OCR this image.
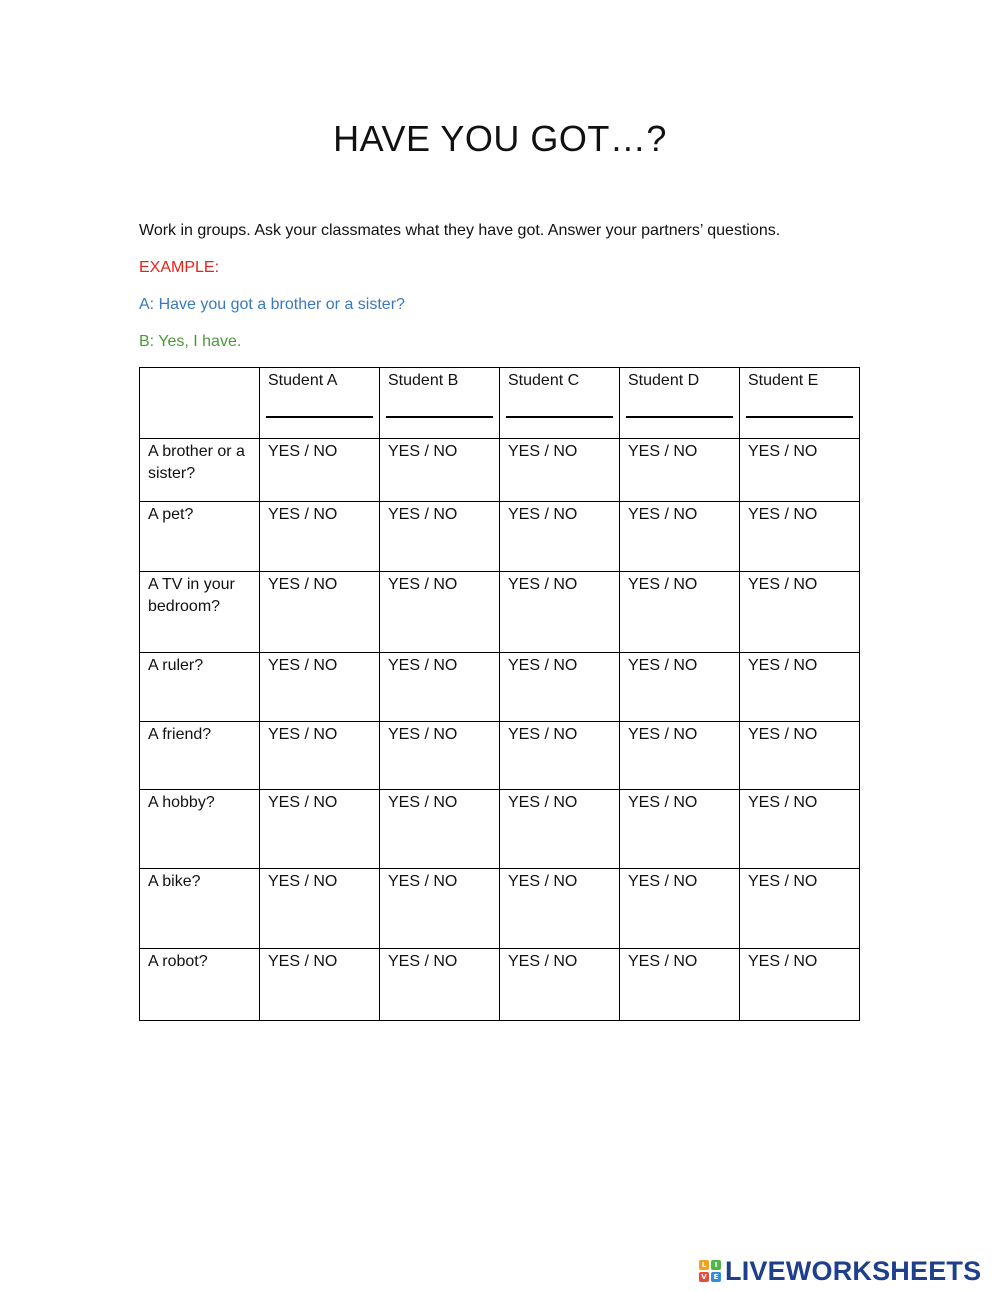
HAVE YOU GOT…?
Work in groups. Ask your classmates what they have got. Answer your partners’ questions.
EXAMPLE:
A: Have you got a brother or a sister?
B: Yes, I have.
	Student A	Student B	Student C	Student D	Student E

A brother or a sister?	YES / NO	YES / NO	YES / NO	YES / NO	YES / NO
A pet?	YES / NO	YES / NO	YES / NO	YES / NO	YES / NO
A TV in your bedroom?	YES / NO	YES / NO	YES / NO	YES / NO	YES / NO
A ruler?	YES / NO	YES / NO	YES / NO	YES / NO	YES / NO
A friend?	YES / NO	YES / NO	YES / NO	YES / NO	YES / NO
A hobby?	YES / NO	YES / NO	YES / NO	YES / NO	YES / NO
A bike?	YES / NO	YES / NO	YES / NO	YES / NO	YES / NO
A robot?	YES / NO	YES / NO	YES / NO	YES / NO	YES / NO
L	I
V E LIVEWORKSHEETS
